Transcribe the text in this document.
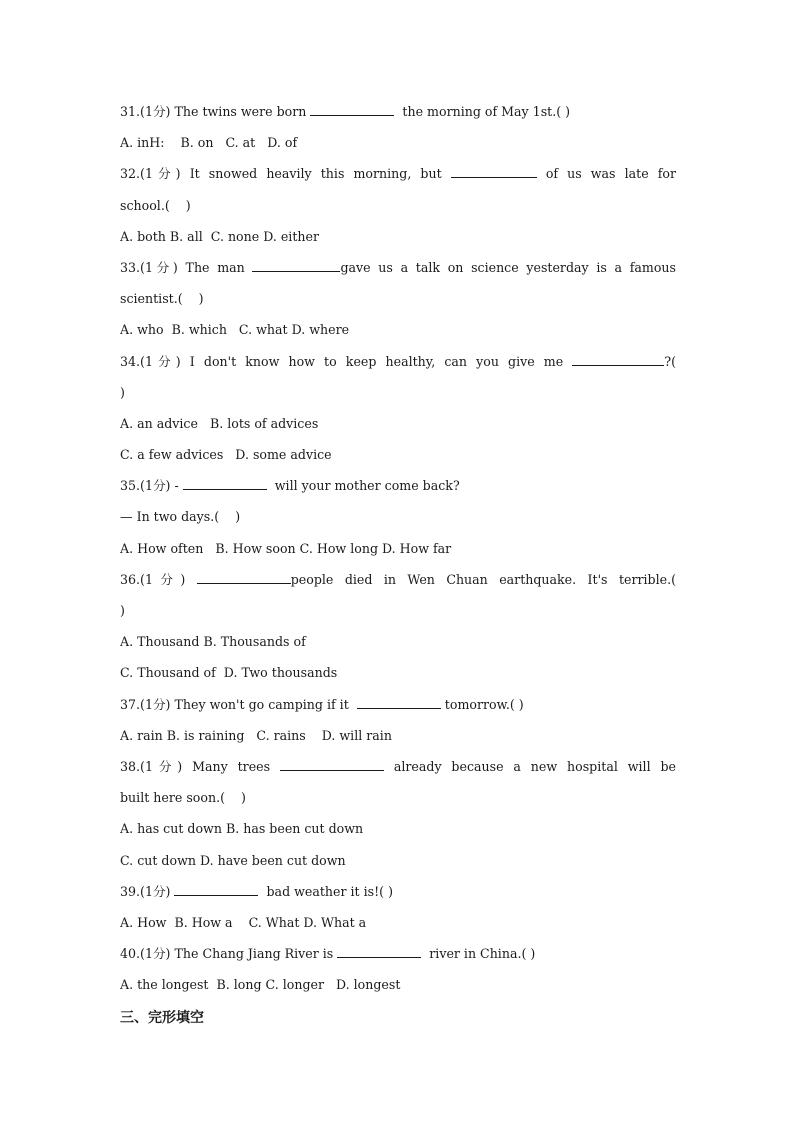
31.(1分) The twins were born	the morning of May 1st.( )
A. inH:    B. on   C. at   D. of
32.(1分) It snowed heavily this morning, but	of us was late for
school.(    )
A. both B. all  C. none D. either
33.(1分) The man	gave us a talk on science yesterday is a famous
scientist.(    )
A. who  B. which   C. what D. where
34.(1分) I don't know how to keep healthy, can you give me	?(
)
A. an advice   B. lots of advices
C. a few advices   D. some advice
35.(1分) -	will your mother come back?
— In two days.(    )
A. How often   B. How soon C. How long D. How far
36.(1分)	people died in Wen Chuan earthquake. It's terrible.(
)
A. Thousand B. Thousands of
C. Thousand of  D. Two thousands
37.(1分) They won't go camping if it	tomorrow.( )
A. rain B. is raining   C. rains    D. will rain
38.(1分) Many trees	already because a new hospital will be
built here soon.(    )
A. has cut down B. has been cut down
C. cut down D. have been cut down
39.(1分)	bad weather it is!( )
A. How  B. How a    C. What D. What a
40.(1分) The Chang Jiang River is	river in China.( )
A. the longest  B. long C. longer   D. longest
三、完形填空
